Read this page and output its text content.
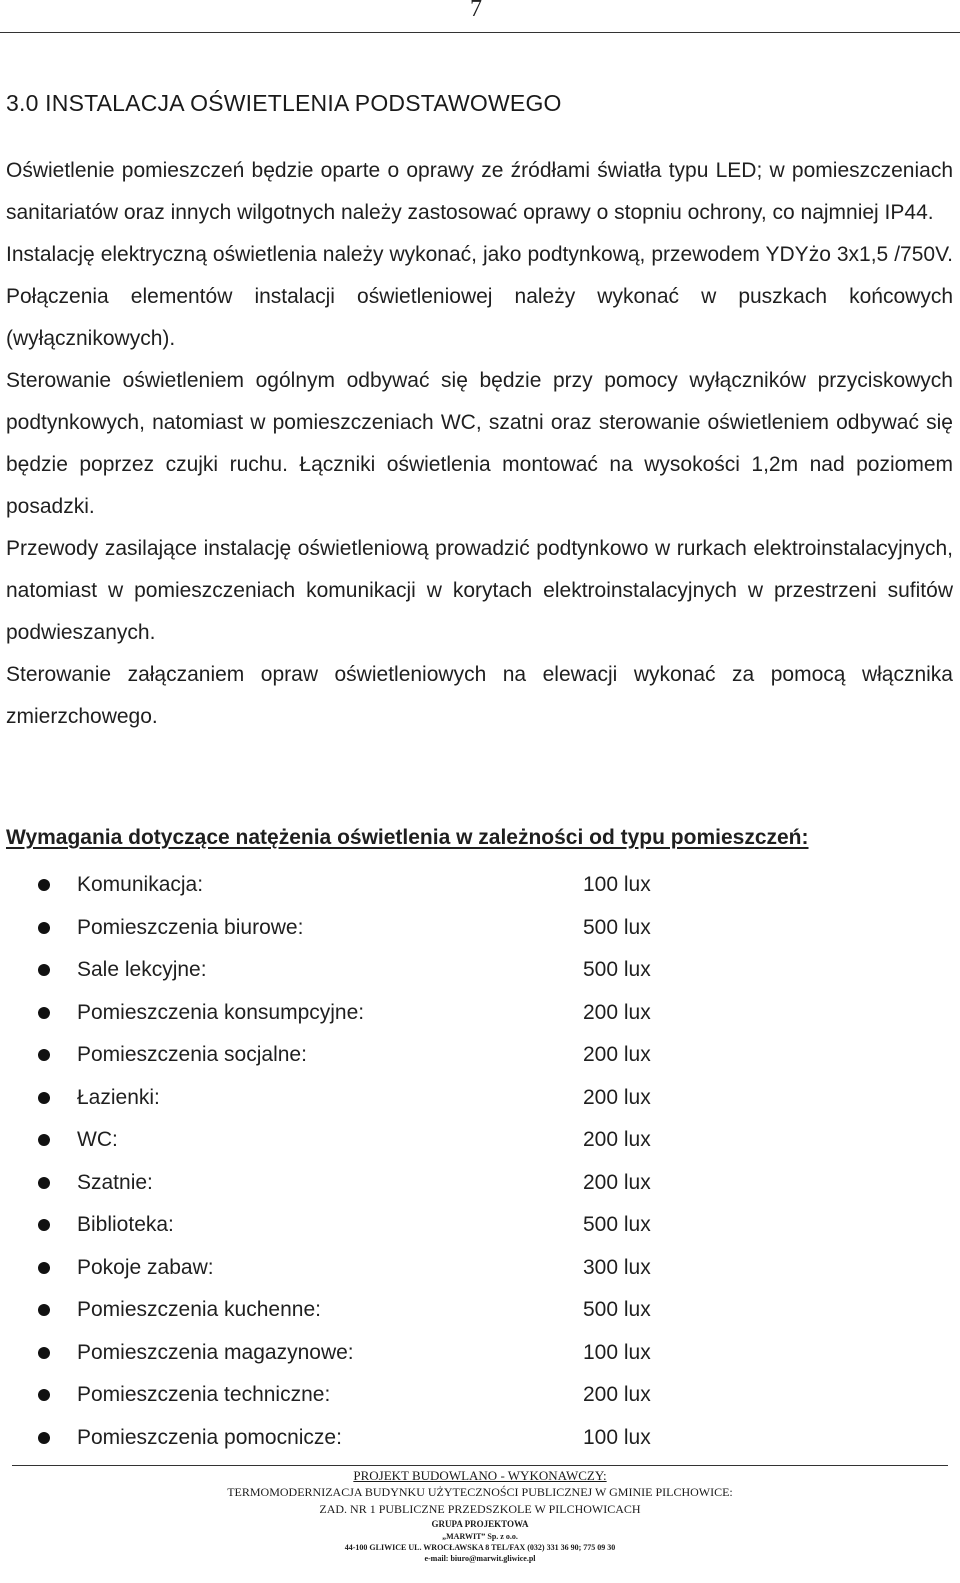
7
3.0 INSTALACJA OŚWIETLENIA PODSTAWOWEGO

Oświetlenie pomieszczeń będzie oparte o oprawy ze źródłami światła typu LED; w pomieszczeniach sanitariatów oraz innych wilgotnych należy zastosować oprawy o stopniu ochrony, co najmniej IP44.

Instalację elektryczną oświetlenia należy wykonać, jako podtynkową, przewodem YDYżo 3x1,5 /750V. Połączenia elementów instalacji oświetleniowej należy wykonać w puszkach końcowych (wyłącznikowych).

Sterowanie oświetleniem ogólnym odbywać się będzie przy pomocy wyłączników przyciskowych podtynkowych, natomiast w pomieszczeniach WC, szatni oraz sterowanie oświetleniem odbywać się będzie poprzez czujki ruchu. Łączniki oświetlenia montować na wysokości 1,2m nad poziomem posadzki.

Przewody zasilające instalację oświetleniową prowadzić podtynkowo w rurkach elektroinstalacyjnych, natomiast w pomieszczeniach komunikacji w korytach elektroinstalacyjnych w przestrzeni sufitów podwieszanych.

Sterowanie załączaniem opraw oświetleniowych na elewacji wykonać za pomocą włącznika zmierzchowego.

Wymagania dotyczące natężenia oświetlenia w zależności od typu pomieszczeń:
Komunikacja:	100 lux
Pomieszczenia biurowe:	500 lux
Sale lekcyjne:	500 lux
Pomieszczenia konsumpcyjne:	200 lux
Pomieszczenia socjalne:	200 lux
Łazienki:	200 lux
WC:	200 lux
Szatnie:	200 lux
Biblioteka:	500 lux
Pokoje zabaw:	300 lux
Pomieszczenia kuchenne:	500 lux
Pomieszczenia magazynowe:	100 lux
Pomieszczenia techniczne:	200 lux
Pomieszczenia pomocnicze:	100 lux
PROJEKT BUDOWLANO - WYKONAWCZY:
TERMOMODERNIZACJA BUDYNKU UŻYTECZNOŚCI PUBLICZNEJ W GMINIE PILCHOWICE:
ZAD. NR 1 PUBLICZNE PRZEDSZKOLE W PILCHOWICACH
GRUPA PROJEKTOWA
„MARWIT” Sp. z o.o.
44-100 GLIWICE UL. WROCŁAWSKA 8 TEL/FAX (032) 331 36 90; 775 09 30
e-mail: biuro@marwit.gliwice.pl
